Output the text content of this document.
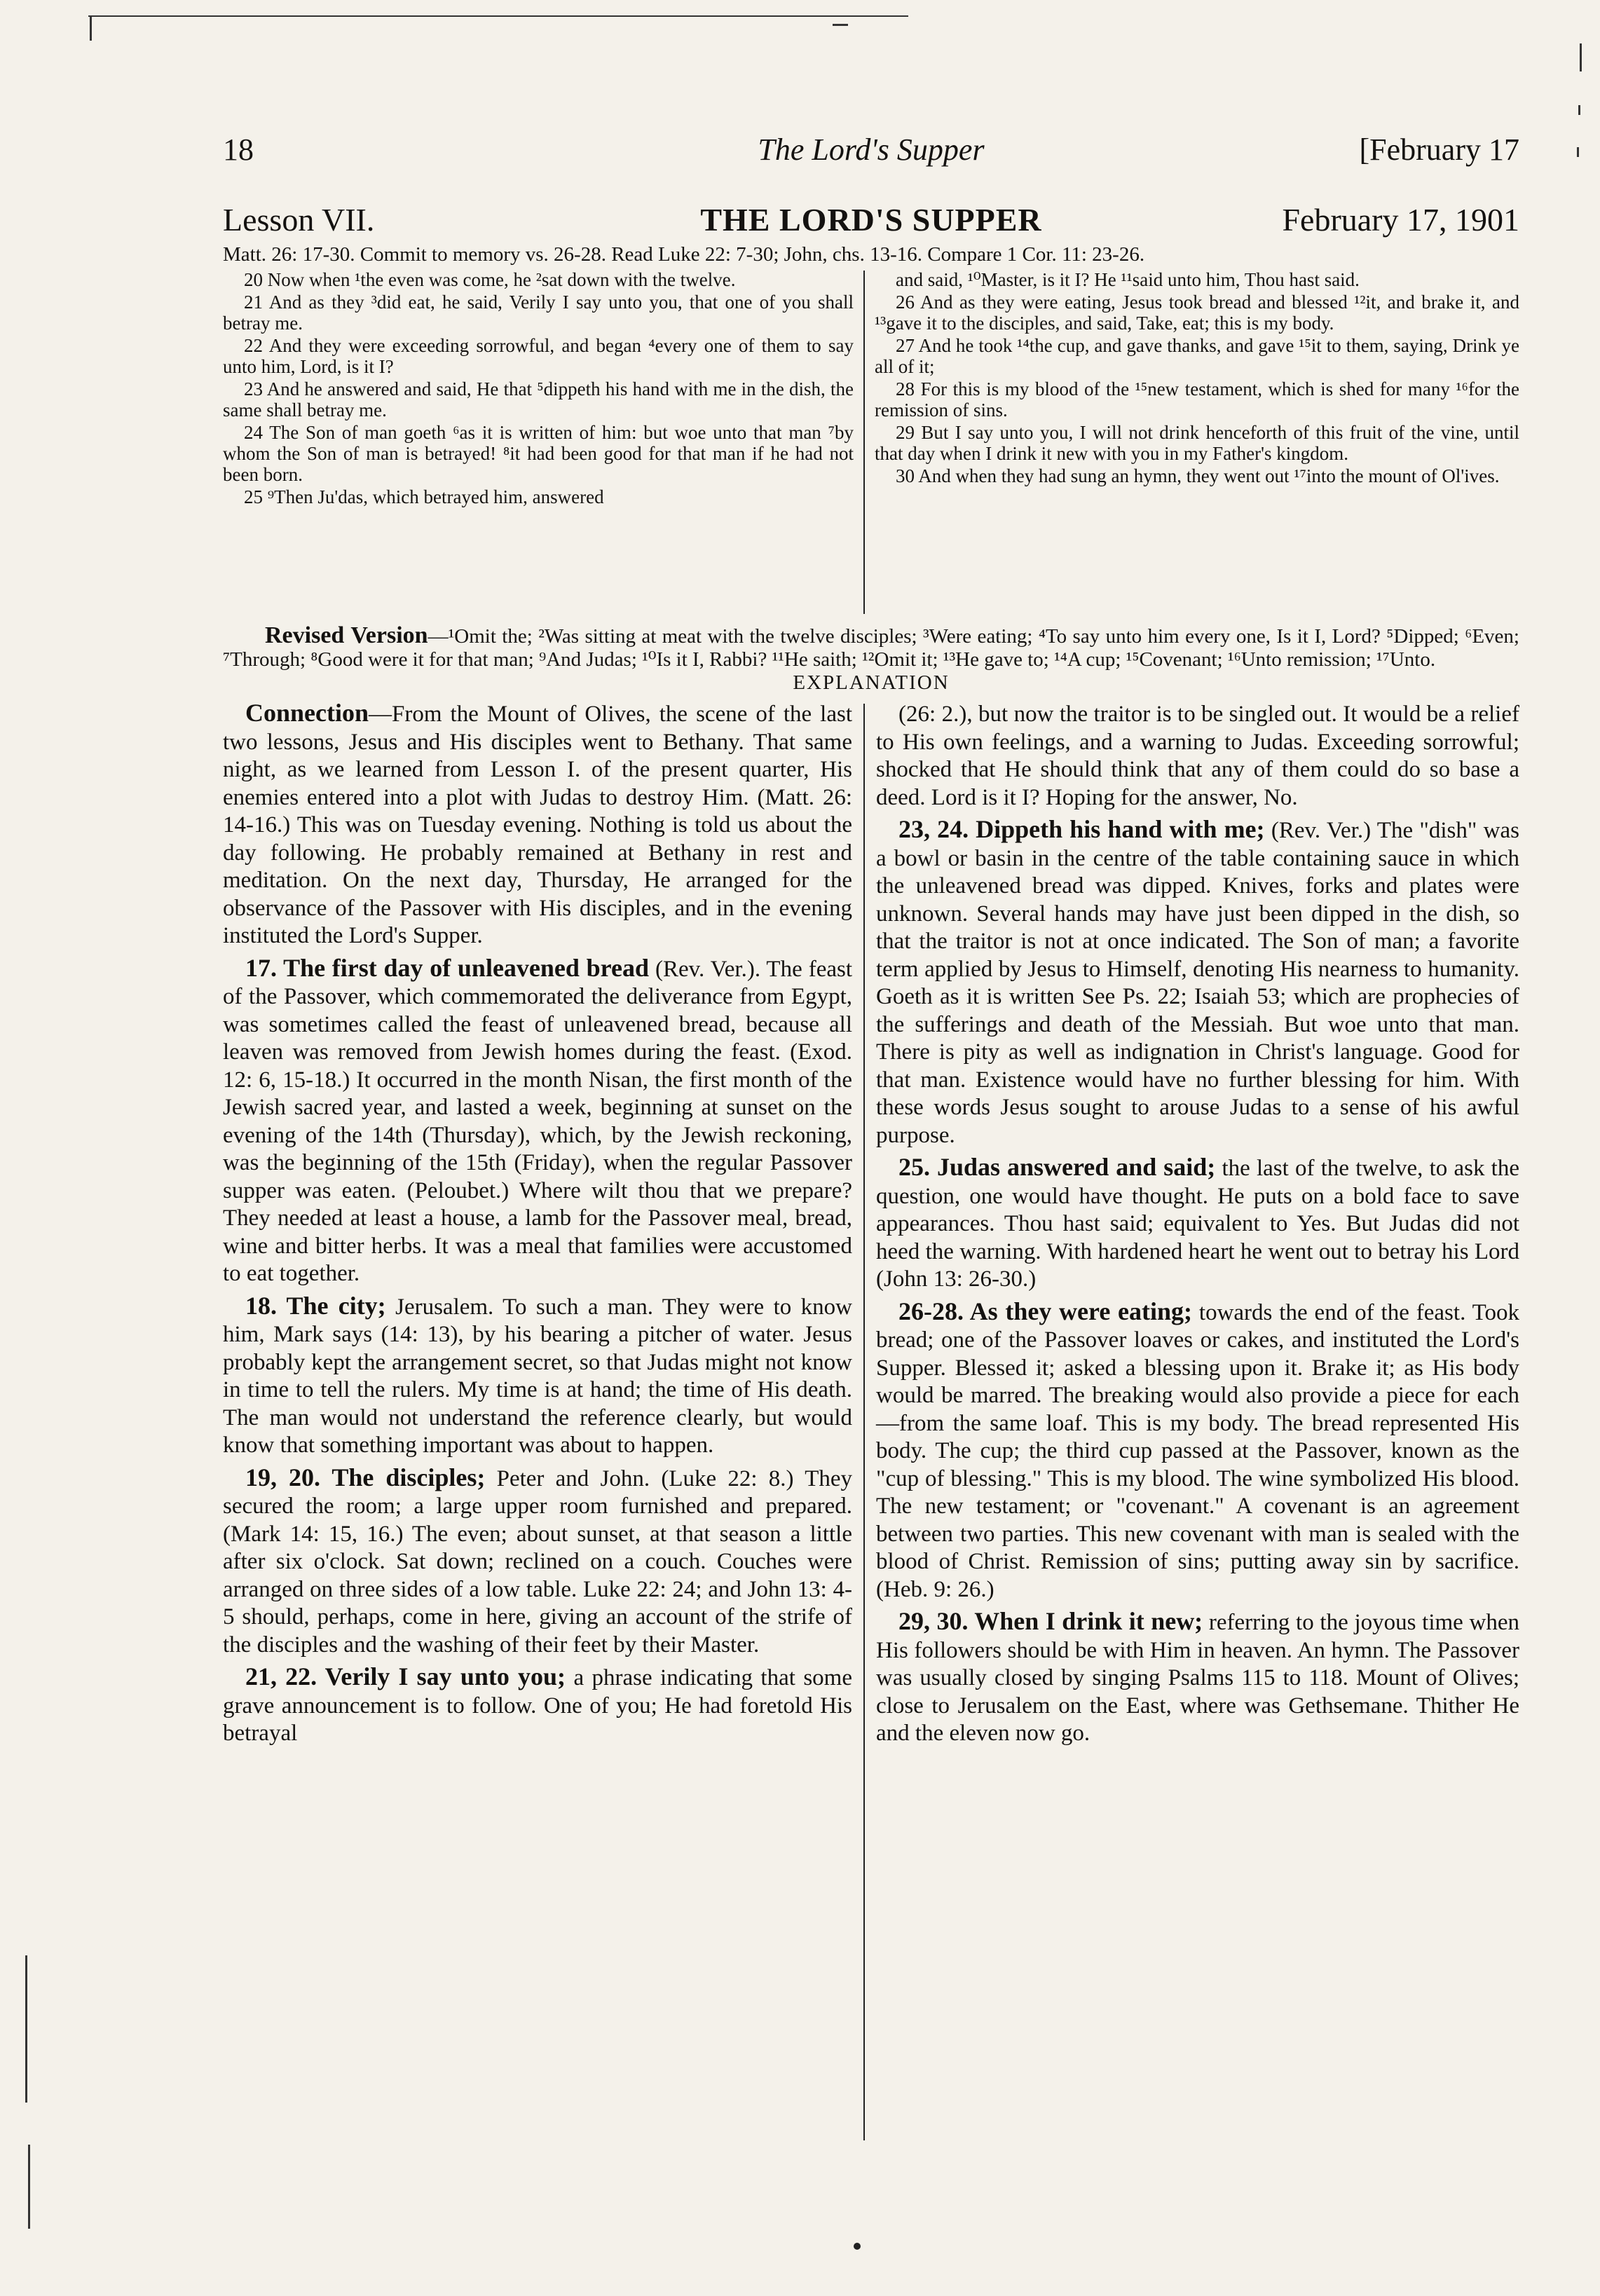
18	The Lord's Supper	[February 17
Lesson VII.	THE LORD'S SUPPER	February 17, 1901
Matt. 26: 17-30. Commit to memory vs. 26-28. Read Luke 22: 7-30; John, chs. 13-16. Compare 1 Cor. 11: 23-26.

20 Now when ¹the even was come, he ²sat down with the twelve.

21 And as they ³did eat, he said, Verily I say unto you, that one of you shall betray me.

22 And they were exceeding sorrowful, and began ⁴every one of them to say unto him, Lord, is it I?

23 And he answered and said, He that ⁵dippeth his hand with me in the dish, the same shall betray me.

24 The Son of man goeth ⁶as it is written of him: but woe unto that man ⁷by whom the Son of man is betrayed! ⁸it had been good for that man if he had not been born.

25 ⁹Then Ju'das, which betrayed him, answered

and said, ¹⁰Master, is it I? He ¹¹said unto him, Thou hast said.

26 And as they were eating, Jesus took bread and blessed ¹²it, and brake it, and ¹³gave it to the disciples, and said, Take, eat; this is my body.

27 And he took ¹⁴the cup, and gave thanks, and gave ¹⁵it to them, saying, Drink ye all of it;

28 For this is my blood of the ¹⁵new testament, which is shed for many ¹⁶for the remission of sins.

29 But I say unto you, I will not drink henceforth of this fruit of the vine, until that day when I drink it new with you in my Father's kingdom.

30 And when they had sung an hymn, they went out ¹⁷into the mount of Ol'ives.

Revised Version—¹Omit the; ²Was sitting at meat with the twelve disciples; ³Were eating; ⁴To say unto him every one, Is it I, Lord? ⁵Dipped; ⁶Even; ⁷Through; ⁸Good were it for that man; ⁹And Judas; ¹⁰Is it I, Rabbi? ¹¹He saith; ¹²Omit it; ¹³He gave to; ¹⁴A cup; ¹⁵Covenant; ¹⁶Unto remission; ¹⁷Unto.

EXPLANATION

Connection—From the Mount of Olives, the scene of the last two lessons, Jesus and His disciples went to Bethany. That same night, as we learned from Lesson I. of the present quarter, His enemies entered into a plot with Judas to destroy Him. (Matt. 26: 14-16.) This was on Tuesday evening. Nothing is told us about the day following. He probably remained at Bethany in rest and meditation. On the next day, Thursday, He arranged for the observance of the Passover with His disciples, and in the evening instituted the Lord's Supper.

17. The first day of unleavened bread (Rev. Ver.). The feast of the Passover, which commemorated the deliverance from Egypt, was sometimes called the feast of unleavened bread, because all leaven was removed from Jewish homes during the feast. (Exod. 12: 6, 15-18.) It occurred in the month Nisan, the first month of the Jewish sacred year, and lasted a week, beginning at sunset on the evening of the 14th (Thursday), which, by the Jewish reckoning, was the beginning of the 15th (Friday), when the regular Passover supper was eaten. (Peloubet.) Where wilt thou that we prepare? They needed at least a house, a lamb for the Passover meal, bread, wine and bitter herbs. It was a meal that families were accustomed to eat together.

18. The city; Jerusalem. To such a man. They were to know him, Mark says (14: 13), by his bearing a pitcher of water. Jesus probably kept the arrangement secret, so that Judas might not know in time to tell the rulers. My time is at hand; the time of His death. The man would not understand the reference clearly, but would know that something important was about to happen.

19, 20. The disciples; Peter and John. (Luke 22: 8.) They secured the room; a large upper room furnished and prepared. (Mark 14: 15, 16.) The even; about sunset, at that season a little after six o'clock. Sat down; reclined on a couch. Couches were arranged on three sides of a low table. Luke 22: 24; and John 13: 4-5 should, perhaps, come in here, giving an account of the strife of the disciples and the washing of their feet by their Master.

21, 22. Verily I say unto you; a phrase indicating that some grave announcement is to follow. One of you; He had foretold His betrayal

(26: 2.), but now the traitor is to be singled out. It would be a relief to His own feelings, and a warning to Judas. Exceeding sorrowful; shocked that He should think that any of them could do so base a deed. Lord is it I? Hoping for the answer, No.

23, 24. Dippeth his hand with me; (Rev. Ver.) The "dish" was a bowl or basin in the centre of the table containing sauce in which the unleavened bread was dipped. Knives, forks and plates were unknown. Several hands may have just been dipped in the dish, so that the traitor is not at once indicated. The Son of man; a favorite term applied by Jesus to Himself, denoting His nearness to humanity. Goeth as it is written See Ps. 22; Isaiah 53; which are prophecies of the sufferings and death of the Messiah. But woe unto that man. There is pity as well as indignation in Christ's language. Good for that man. Existence would have no further blessing for him. With these words Jesus sought to arouse Judas to a sense of his awful purpose.

25. Judas answered and said; the last of the twelve, to ask the question, one would have thought. He puts on a bold face to save appearances. Thou hast said; equivalent to Yes. But Judas did not heed the warning. With hardened heart he went out to betray his Lord (John 13: 26-30.)

26-28. As they were eating; towards the end of the feast. Took bread; one of the Passover loaves or cakes, and instituted the Lord's Supper. Blessed it; asked a blessing upon it. Brake it; as His body would be marred. The breaking would also provide a piece for each—from the same loaf. This is my body. The bread represented His body. The cup; the third cup passed at the Passover, known as the "cup of blessing." This is my blood. The wine symbolized His blood. The new testament; or "covenant." A covenant is an agreement between two parties. This new covenant with man is sealed with the blood of Christ. Remission of sins; putting away sin by sacrifice. (Heb. 9: 26.)

29, 30. When I drink it new; referring to the joyous time when His followers should be with Him in heaven. An hymn. The Passover was usually closed by singing Psalms 115 to 118. Mount of Olives; close to Jerusalem on the East, where was Gethsemane. Thither He and the eleven now go.
